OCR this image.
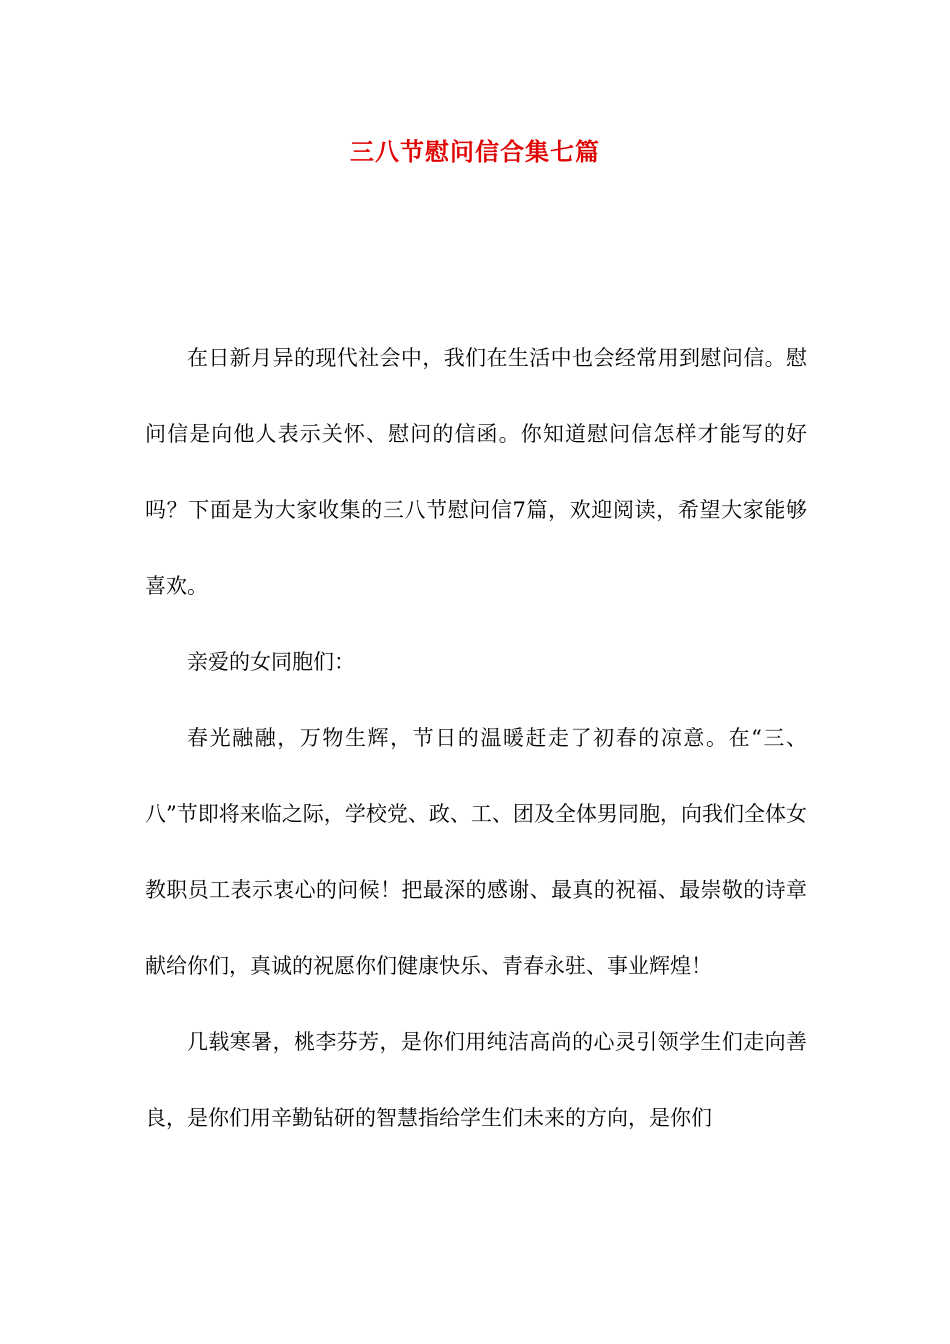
三八节慰问信合集七篇

在日新月异的现代社会中，我们在生活中也会经常用到慰问信。慰问信是向他人表示关怀、慰问的信函。你知道慰问信怎样才能写的好吗？下面是为大家收集的三八节慰问信7篇，欢迎阅读，希望大家能够喜欢。

亲爱的女同胞们：

春光融融，万物生辉，节日的温暖赶走了初春的凉意。在“三、八”节即将来临之际，学校党、政、工、团及全体男同胞，向我们全体女教职员工表示衷心的问候！把最深的感谢、最真的祝福、最崇敬的诗章献给你们，真诚的祝愿你们健康快乐、青春永驻、事业辉煌！

几载寒暑，桃李芬芳，是你们用纯洁高尚的心灵引领学生们走向善良，是你们用辛勤钻研的智慧指给学生们未来的方向，是你们
